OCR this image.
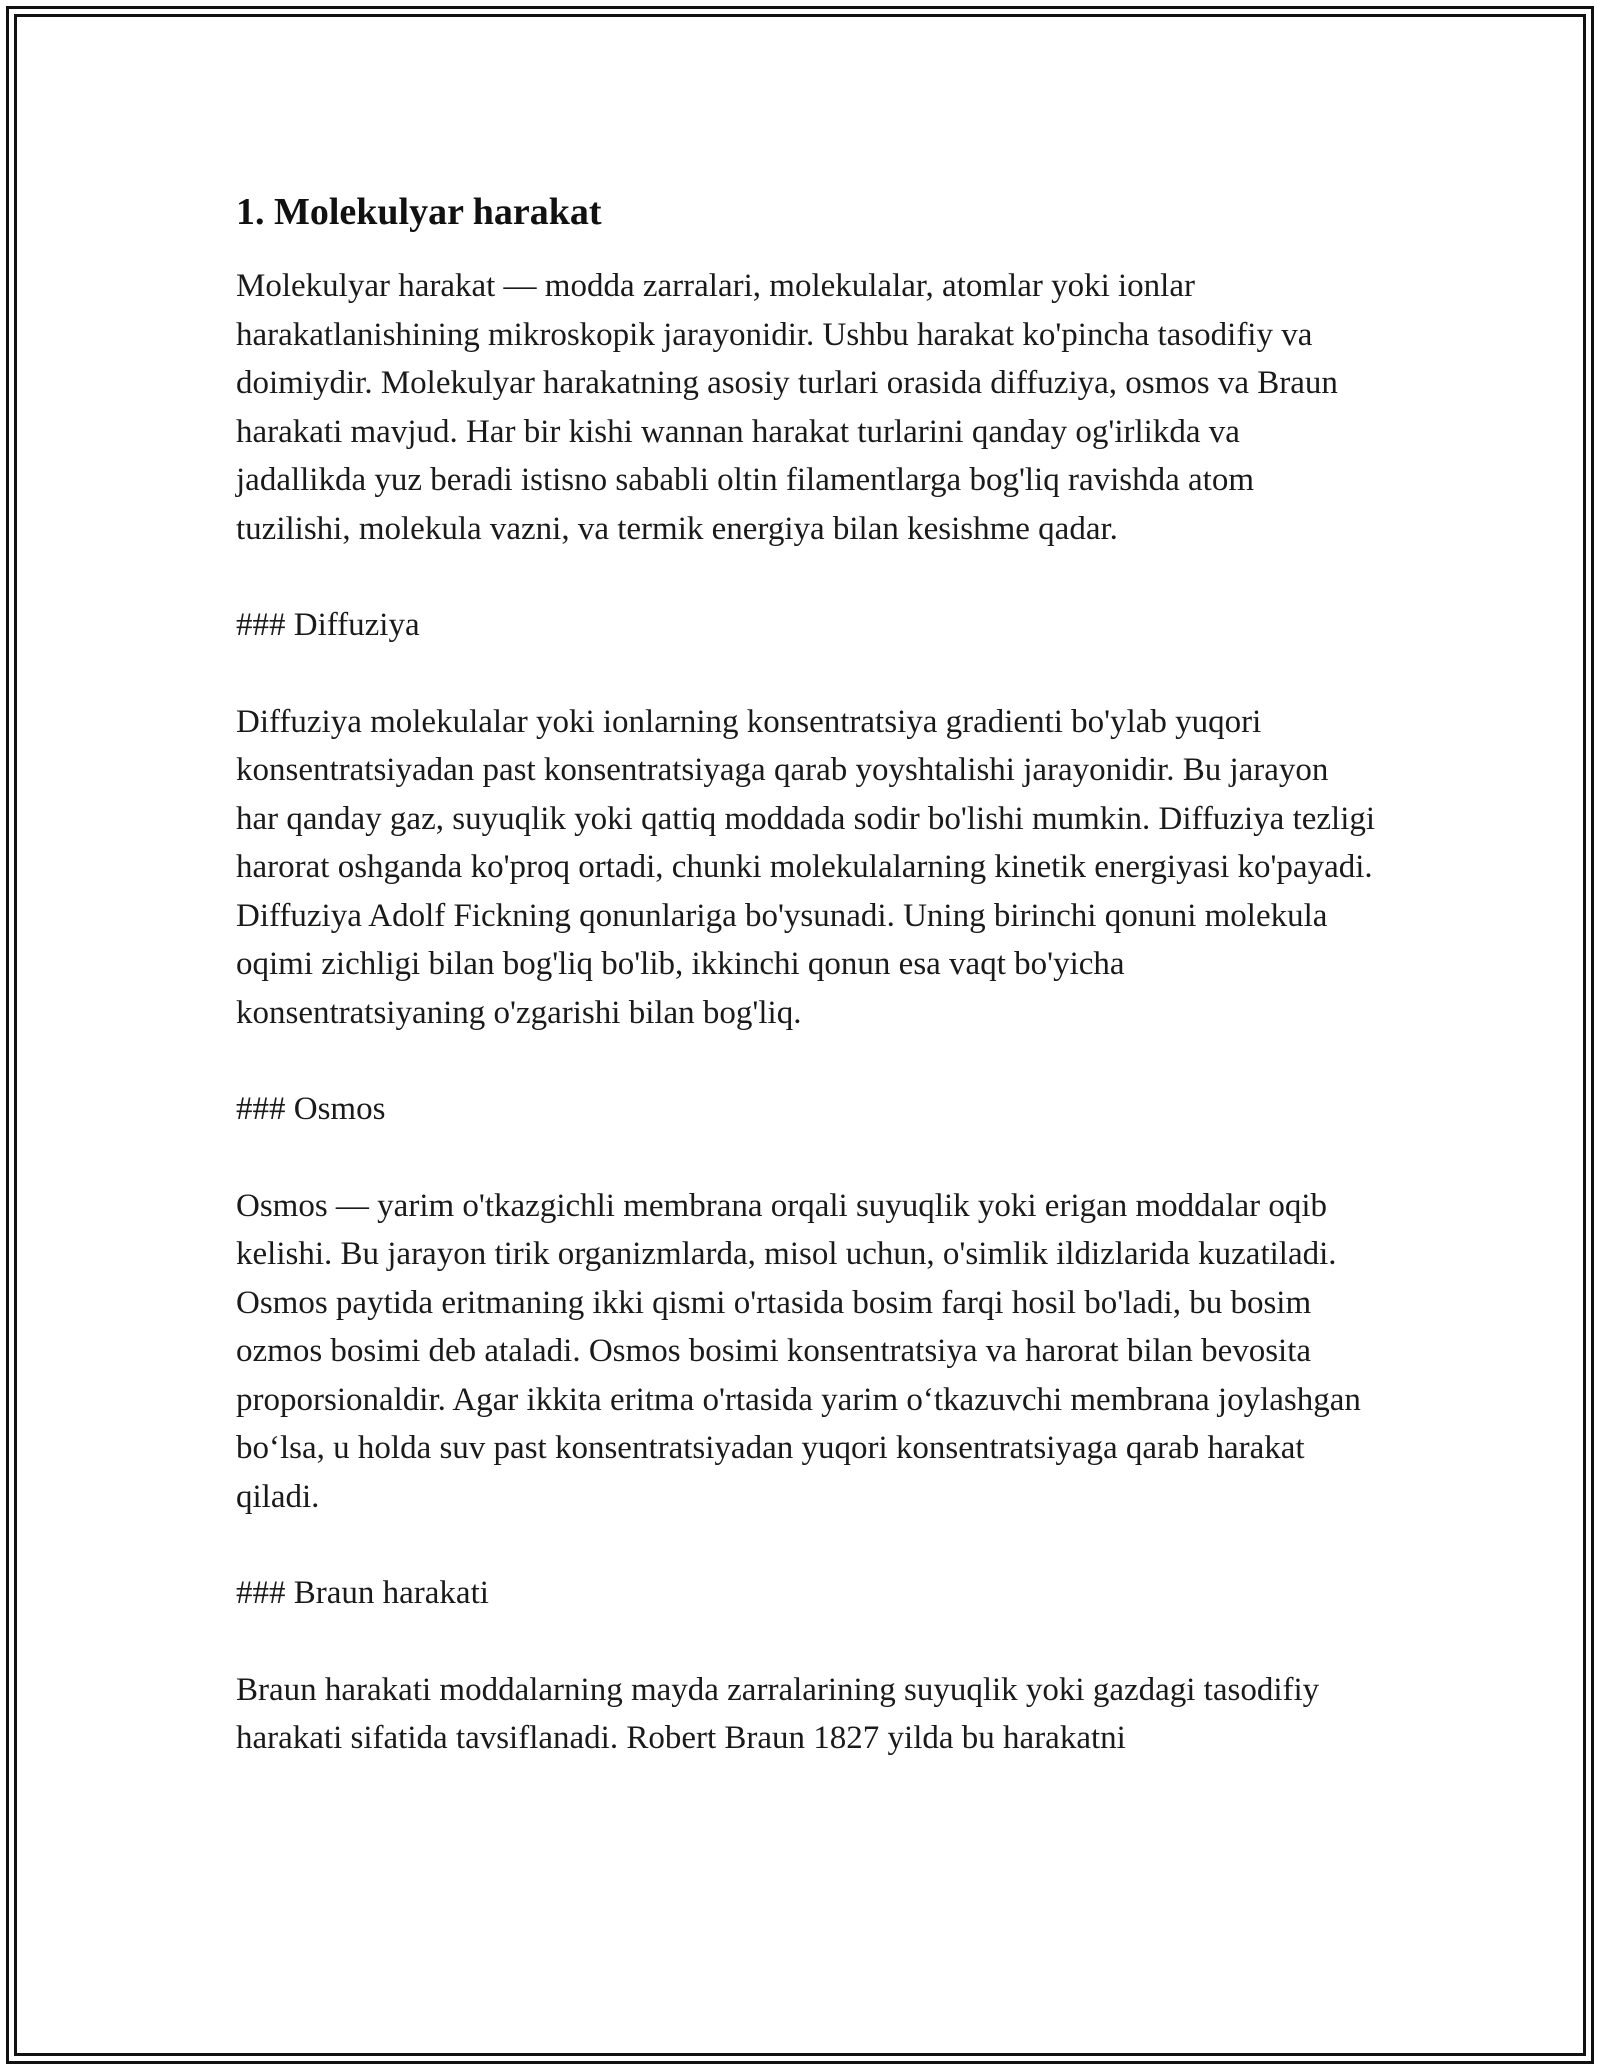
1. Molekulyar harakat

Molekulyar harakat — modda zarralari, molekulalar, atomlar yoki ionlar harakatlanishining mikroskopik jarayonidir. Ushbu harakat ko'pincha tasodifiy va doimiydir. Molekulyar harakatning asosiy turlari orasida diffuziya, osmos va Braun harakati mavjud. Har bir kishi wannan harakat turlarini qanday og'irlikda va jadallikda yuz beradi istisno sababli oltin filamentlarga bog'liq ravishda atom tuzilishi, molekula vazni, va termik energiya bilan kesishme qadar.

### Diffuziya

Diffuziya molekulalar yoki ionlarning konsentratsiya gradienti bo'ylab yuqori konsentratsiyadan past konsentratsiyaga qarab yoyshtalishi jarayonidir. Bu jarayon har qanday gaz, suyuqlik yoki qattiq moddada sodir bo'lishi mumkin. Diffuziya tezligi harorat oshganda ko'proq ortadi, chunki molekulalarning kinetik energiyasi ko'payadi. Diffuziya Adolf Fickning qonunlariga bo'ysunadi. Uning birinchi qonuni molekula oqimi zichligi bilan bog'liq bo'lib, ikkinchi qonun esa vaqt bo'yicha konsentratsiyaning o'zgarishi bilan bog'liq.

### Osmos

Osmos — yarim o'tkazgichli membrana orqali suyuqlik yoki erigan moddalar oqib kelishi. Bu jarayon tirik organizmlarda, misol uchun, o'simlik ildizlarida kuzatiladi. Osmos paytida eritmaning ikki qismi o'rtasida bosim farqi hosil bo'ladi, bu bosim ozmos bosimi deb ataladi. Osmos bosimi konsentratsiya va harorat bilan bevosita proporsionaldir. Agar ikkita eritma o'rtasida yarim o‘tkazuvchi membrana joylashgan bo‘lsa, u holda suv past konsentratsiyadan yuqori konsentratsiyaga qarab harakat qiladi.

### Braun harakati

Braun harakati moddalarning mayda zarralarining suyuqlik yoki gazdagi tasodifiy harakati sifatida tavsiflanadi. Robert Braun 1827 yilda bu harakatni
